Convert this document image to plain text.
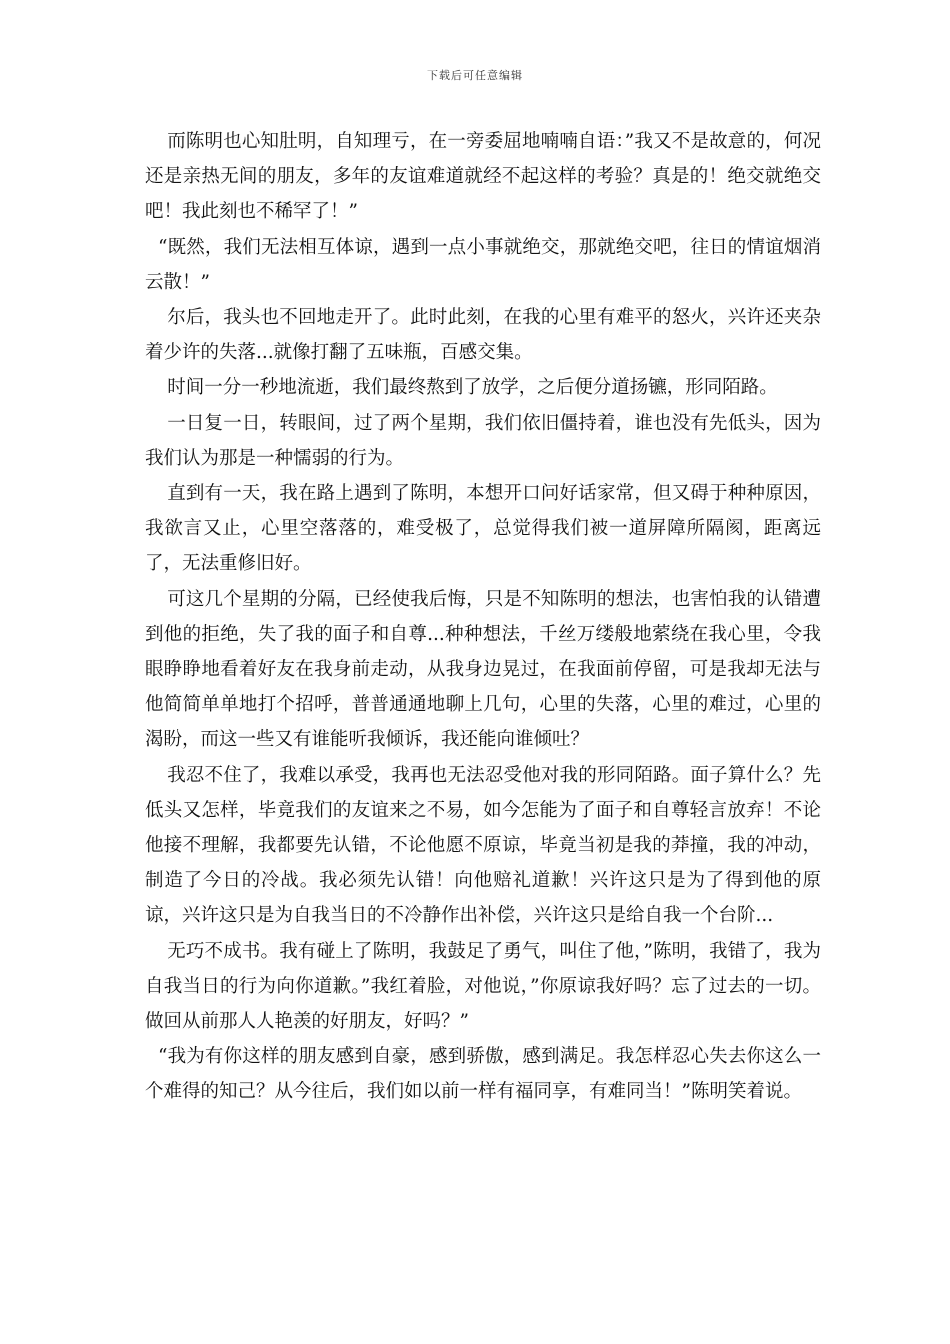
下载后可任意编辑

而陈明也心知肚明，自知理亏，在一旁委屈地喃喃自语：”我又不是故意的，何况还是亲热无间的朋友，多年的友谊难道就经不起这样的考验？真是的！绝交就绝交吧！我此刻也不稀罕了！”

“既然，我们无法相互体谅，遇到一点小事就绝交，那就绝交吧，往日的情谊烟消云散！”

尔后，我头也不回地走开了。此时此刻，在我的心里有难平的怒火，兴许还夹杂着少许的失落...就像打翻了五味瓶，百感交集。

时间一分一秒地流逝，我们最终熬到了放学，之后便分道扬镳，形同陌路。

一日复一日，转眼间，过了两个星期，我们依旧僵持着，谁也没有先低头，因为我们认为那是一种懦弱的行为。

直到有一天，我在路上遇到了陈明，本想开口问好话家常，但又碍于种种原因，我欲言又止，心里空落落的，难受极了，总觉得我们被一道屏障所隔阂，距离远了，无法重修旧好。

可这几个星期的分隔，已经使我后悔，只是不知陈明的想法，也害怕我的认错遭到他的拒绝，失了我的面子和自尊...种种想法，千丝万缕般地萦绕在我心里，令我眼睁睁地看着好友在我身前走动，从我身边晃过，在我面前停留，可是我却无法与他简简单单地打个招呼，普普通通地聊上几句，心里的失落，心里的难过，心里的渴盼，而这一些又有谁能听我倾诉，我还能向谁倾吐？

我忍不住了，我难以承受，我再也无法忍受他对我的形同陌路。面子算什么？先低头又怎样，毕竟我们的友谊来之不易，如今怎能为了面子和自尊轻言放弃！不论他接不理解，我都要先认错，不论他愿不原谅，毕竟当初是我的莽撞，我的冲动，制造了今日的冷战。我必须先认错！向他赔礼道歉！兴许这只是为了得到他的原谅，兴许这只是为自我当日的不冷静作出补偿，兴许这只是给自我一个台阶...

无巧不成书。我有碰上了陈明，我鼓足了勇气，叫住了他，”陈明，我错了，我为自我当日的行为向你道歉。”我红着脸，对他说，”你原谅我好吗？忘了过去的一切。做回从前那人人艳羡的好朋友，好吗？”

“我为有你这样的朋友感到自豪，感到骄傲，感到满足。我怎样忍心失去你这么一个难得的知己？从今往后，我们如以前一样有福同享，有难同当！”陈明笑着说。
